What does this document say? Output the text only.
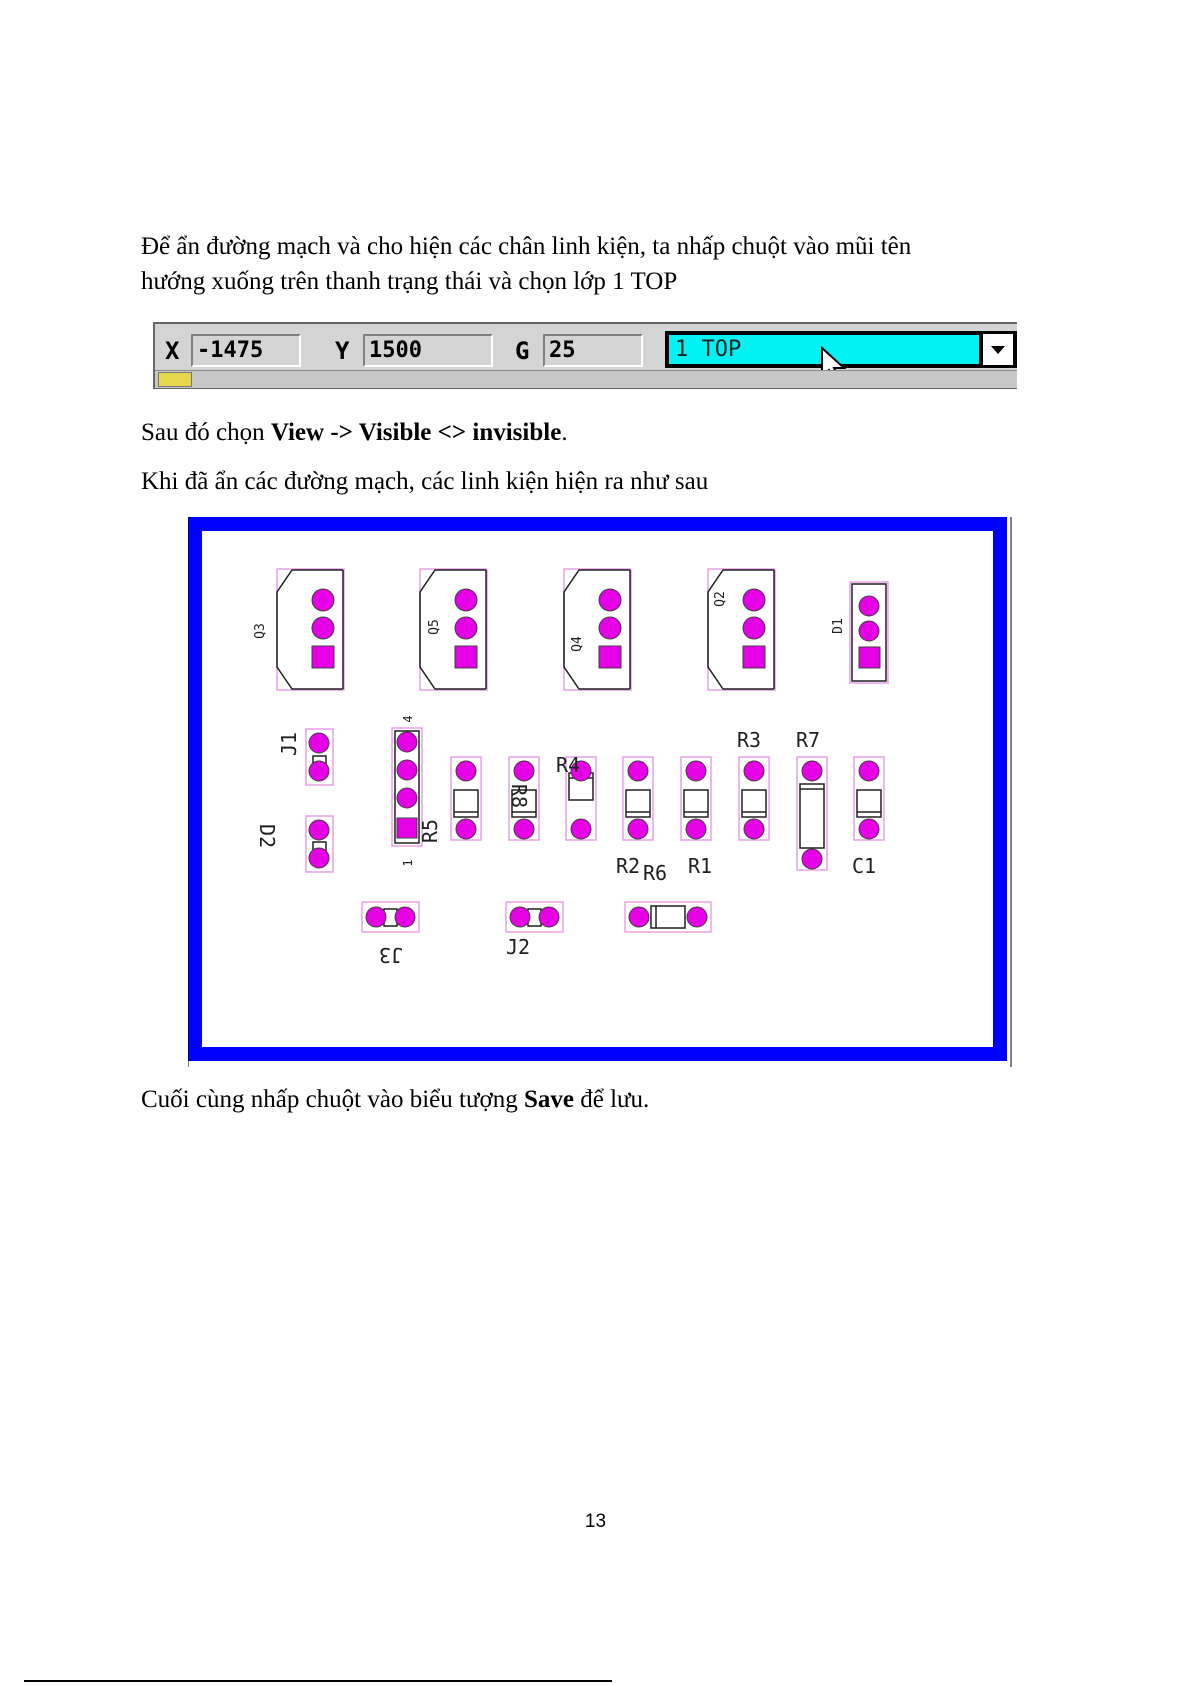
Để ẩn đường mạch và cho hiện các chân linh kiện, ta nhấp chuột vào mũi tên

hướng xuống trên thanh trạng thái và chọn lớp 1 TOP

X -1475	Y 1500	G 25	1 TOP

Sau đó chọn View -> Visible <> invisible.

Khi đã ẩn các đường mạch, các linh kiện hiện ra như sau

Q3	Q5
Q4
Q2
D1
J1
D2	R5
R4
R8
R3 R7
R2 R6 R1	C1
J3	J2
4
1

Cuối cùng nhấp chuột vào biểu tượng Save để lưu.

13
